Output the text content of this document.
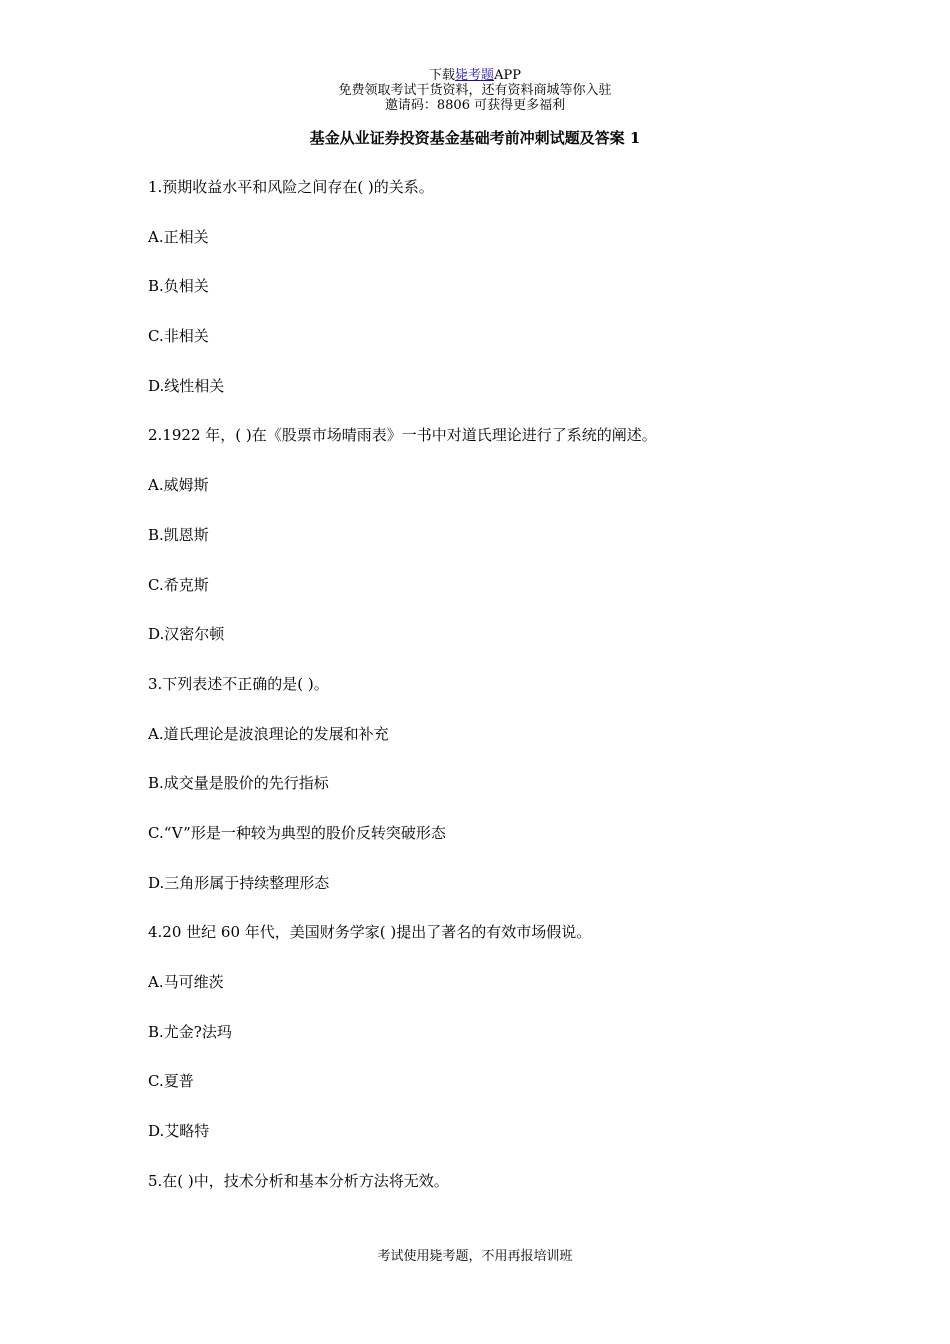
下载毙考题APP
免费领取考试干货资料，还有资料商城等你入驻
邀请码：8806 可获得更多福利
基金从业证券投资基金基础考前冲刺试题及答案 1
1.预期收益水平和风险之间存在( )的关系。
A.正相关
B.负相关
C.非相关
D.线性相关
2.1922 年，( )在《股票市场晴雨表》一书中对道氏理论进行了系统的阐述。
A.威姆斯
B.凯恩斯
C.希克斯
D.汉密尔顿
3.下列表述不正确的是( )。
A.道氏理论是波浪理论的发展和补充
B.成交量是股价的先行指标
C.“V”形是一种较为典型的股价反转突破形态
D.三角形属于持续整理形态
4.20 世纪 60 年代，美国财务学家( )提出了著名的有效市场假说。
A.马可维茨
B.尤金?法玛
C.夏普
D.艾略特
5.在( )中，技术分析和基本分析方法将无效。
考试使用毙考题，不用再报培训班
